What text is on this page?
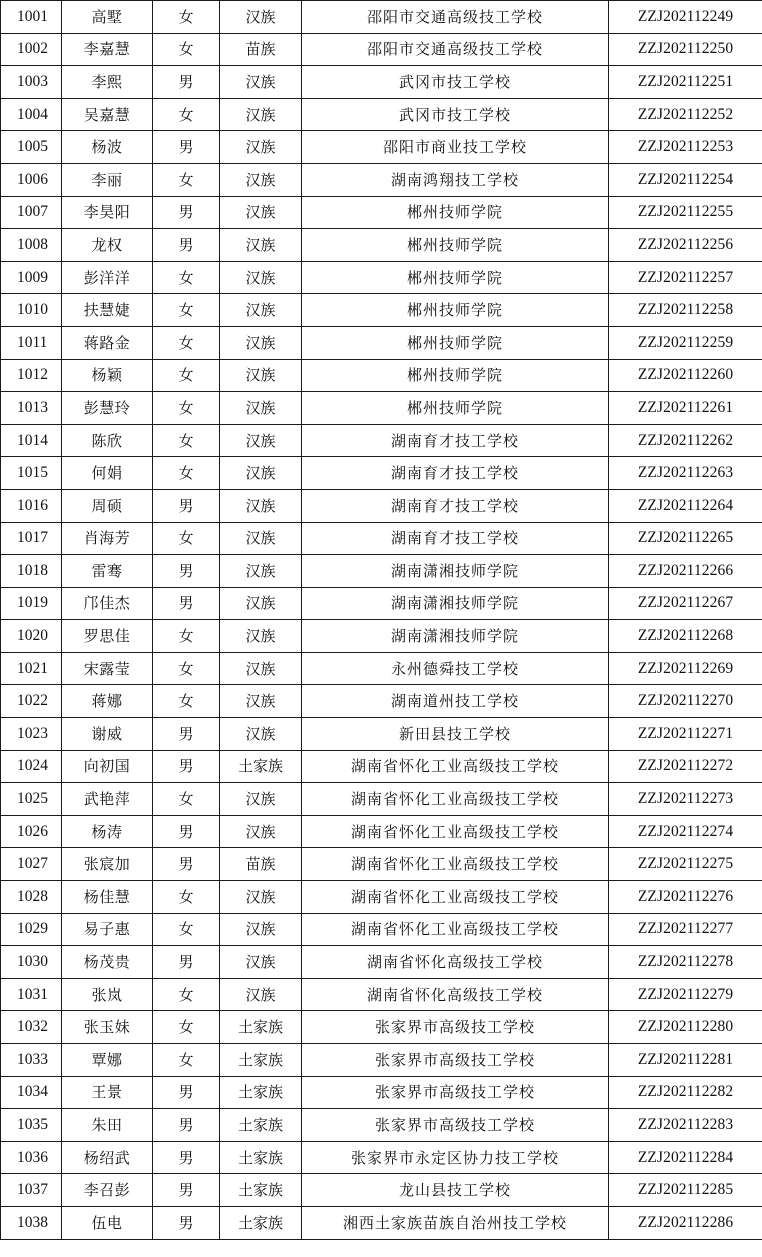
1001	高墅	女	汉族	邵阳市交通高级技工学校	ZZJ202112249
1002	李嘉慧	女	苗族	邵阳市交通高级技工学校	ZZJ202112250
1003	李熙	男	汉族	武冈市技工学校	ZZJ202112251
1004	吴嘉慧	女	汉族	武冈市技工学校	ZZJ202112252
1005	杨波	男	汉族	邵阳市商业技工学校	ZZJ202112253
1006	李丽	女	汉族	湖南鸿翔技工学校	ZZJ202112254
1007	李昊阳	男	汉族	郴州技师学院	ZZJ202112255
1008	龙权	男	汉族	郴州技师学院	ZZJ202112256
1009	彭洋洋	女	汉族	郴州技师学院	ZZJ202112257
1010	扶慧婕	女	汉族	郴州技师学院	ZZJ202112258
1011	蒋路金	女	汉族	郴州技师学院	ZZJ202112259
1012	杨颖	女	汉族	郴州技师学院	ZZJ202112260
1013	彭慧玲	女	汉族	郴州技师学院	ZZJ202112261
1014	陈欣	女	汉族	湖南育才技工学校	ZZJ202112262
1015	何娟	女	汉族	湖南育才技工学校	ZZJ202112263
1016	周硕	男	汉族	湖南育才技工学校	ZZJ202112264
1017	肖海芳	女	汉族	湖南育才技工学校	ZZJ202112265
1018	雷骞	男	汉族	湖南潇湘技师学院	ZZJ202112266
1019	邝佳杰	男	汉族	湖南潇湘技师学院	ZZJ202112267
1020	罗思佳	女	汉族	湖南潇湘技师学院	ZZJ202112268
1021	宋露莹	女	汉族	永州德舜技工学校	ZZJ202112269
1022	蒋娜	女	汉族	湖南道州技工学校	ZZJ202112270
1023	谢威	男	汉族	新田县技工学校	ZZJ202112271
1024	向初国	男	土家族	湖南省怀化工业高级技工学校	ZZJ202112272
1025	武艳萍	女	汉族	湖南省怀化工业高级技工学校	ZZJ202112273
1026	杨涛	男	汉族	湖南省怀化工业高级技工学校	ZZJ202112274
1027	张宸加	男	苗族	湖南省怀化工业高级技工学校	ZZJ202112275
1028	杨佳慧	女	汉族	湖南省怀化工业高级技工学校	ZZJ202112276
1029	易子惠	女	汉族	湖南省怀化工业高级技工学校	ZZJ202112277
1030	杨茂贵	男	汉族	湖南省怀化高级技工学校	ZZJ202112278
1031	张岚	女	汉族	湖南省怀化高级技工学校	ZZJ202112279
1032	张玉妹	女	土家族	张家界市高级技工学校	ZZJ202112280
1033	覃娜	女	土家族	张家界市高级技工学校	ZZJ202112281
1034	王景	男	土家族	张家界市高级技工学校	ZZJ202112282
1035	朱田	男	土家族	张家界市高级技工学校	ZZJ202112283
1036	杨绍武	男	土家族	张家界市永定区协力技工学校	ZZJ202112284
1037	李召彭	男	土家族	龙山县技工学校	ZZJ202112285
1038	伍电	男	土家族	湘西土家族苗族自治州技工学校	ZZJ202112286
